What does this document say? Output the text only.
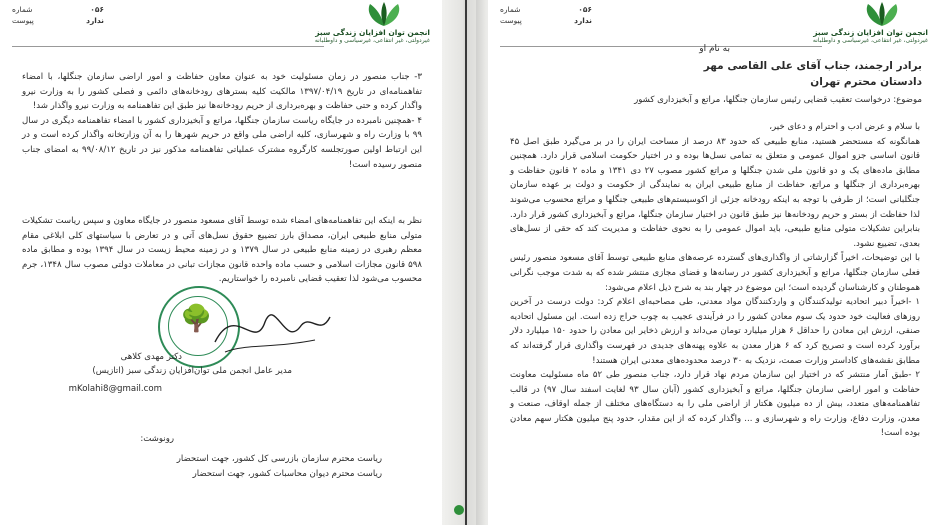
انجمن توان افزایان زندگی سبز
غیردولتی، غیر انتفاعی، غیرسیاسی و داوطلبانه
۰۵۶
شماره
ندارد
پیوست

۳- جناب منصور در زمان مسئولیت خود به عنوان معاون حفاظت و امور اراضی سازمان جنگلها، با امضاء تفاهمنامه‌ای در تاریخ ۱۳۹۷/۰۴/۱۹ مالکیت کلیه بسترهای رودخانه‌های دائمی و فصلی کشور را به وزارت نیرو واگذار کرده و حتی حفاظت و بهره‌برداری از حریم رودخانه‌ها نیز طبق این تفاهمنامه به وزارت نیرو واگذار شد!

۴ -همچنین نامبرده در جایگاه ریاست سازمان جنگلها، مراتع و آبخیزداری کشور با امضاء تفاهمنامه دیگری در سال ۹۹ با وزارت راه و شهرسازی، کلیه اراضی ملی واقع در حریم شهرها را به آن وزارتخانه واگذار کرده است و در این ارتباط اولین صورتجلسه کارگروه مشترک عملیاتی تفاهمنامه مذکور نیز در تاریخ ۹۹/۰۸/۱۲ به امضای جناب منصور رسیده است!

نظر به اینکه این تفاهمنامه‌های امضاء شده توسط آقای مسعود منصور در جایگاه معاون و سپس ریاست تشکیلات متولی منابع طبیعی ایران، مصداق بارز تضییع حقوق نسل‌های آتی و در تعارض با سیاستهای کلی ابلاغی مقام معظم رهبری در زمینه منابع طبیعی در سال ۱۳۷۹ و در زمینه محیط زیست در سال ۱۳۹۴ بوده و مطابق ماده ۵۹۸ قانون مجازات اسلامی و حسب ماده واحده قانون مجازات تبانی در معاملات دولتی مصوب سال ۱۳۴۸، جرم محسوب می‌شود لذا تعقیب قضایی نامبرده را خواستاریم.

🌳
دکتر مهدی کلاهی
مدیر عامل انجمن ملی توان‌افزایان زندگی سبز (اتازیس)
mKolahi8@gmail.com
رونوشت:
ریاست محترم سازمان بازرسی کل کشور، جهت استحضار
ریاست محترم دیوان محاسبات کشور، جهت استحضار
انجمن توان افزایان زندگی سبز
غیردولتی، غیر انتفاعی، غیرسیاسی و داوطلبانه
۰۵۶
شماره
ندارد
پیوست
به نام او
برادر ارجمند، جناب آقای علی القاصی مهر
دادستان محترم تهران
موضوع: درخواست تعقیب قضایی رئیس سازمان جنگلها، مراتع و آبخیزداری کشور

با سلام و عرض ادب و احترام و دعای خیر،

همانگونه که مستحضر هستید، منابع طبیعی که حدود ۸۳ درصد از مساحت ایران را در بر می‌گیرد طبق اصل ۴۵ قانون اساسی جزو اموال عمومی و متعلق به تمامی نسل‌ها بوده و در اختیار حکومت اسلامی قرار دارد. همچنین مطابق ماده‌های یک و دو قانون ملی شدن جنگلها و مراتع کشور مصوب ۲۷ دی ۱۳۴۱ و ماده ۲ قانون حفاظت و بهره‌برداری از جنگلها و مراتع، حفاظت از منابع طبیعی ایران به نمایندگی از حکومت و دولت بر عهده سازمان جنگلبانی است؛ از طرفی با توجه به اینکه رودخانه جزئی از اکوسیستم‌های طبیعی جنگلها و مراتع محسوب می‌شوند لذا حفاظت از بستر و حریم رودخانه‌ها نیز طبق قانون در اختیار سازمان جنگلها، مراتع و آبخیزداری کشور قرار دارد. بنابراین تشکیلات متولی منابع طبیعی، باید اموال عمومی را به نحوی حفاظت و مدیریت کند که حقی از نسل‌های بعدی، تضییع نشود.

با این توضیحات، اخیراً گزارشاتی از واگذاری‌های گسترده عرصه‌های منابع طبیعی توسط آقای مسعود منصور رئیس فعلی سازمان جنگلها، مراتع و آبخیزداری کشور در رسانه‌ها و فضای مجازی منتشر شده که به شدت موجب نگرانی هموطنان و کارشناسان گردیده است؛ این موضوع در چهار بند به شرح ذیل اعلام می‌شود:

۱ -اخیراً دبیر اتحادیه تولیدکنندگان و واردکنندگان مواد معدنی، طی مصاحبه‌ای اعلام کرد: دولت درست در آخرین روزهای فعالیت خود حدود یک سوم معادن کشور را در فرآیندی عجیب به چوب حراج زده است. این مسئول اتحادیه صنفی، ارزش این معادن را حداقل ۶ هزار میلیارد تومان می‌داند و ارزش ذخایر این معادن را حدود ۱۵۰ میلیارد دلار برآورد کرده است و تصریح کرد که ۶ هزار معدن به علاوه پهنه‌های جدیدی در فهرست واگذاری قرار گرفته‌اند که مطابق نقشه‌های کاداستر وزارت صمت، نزدیک به ۳۰ درصد محدوده‌های معدنی ایران هستند!

۲ -طبق آمار منتشر که در اختیار این سازمان مردم نهاد قرار دارد، جناب منصور طی ۵۲ ماه مسئولیت معاونت حفاظت و امور اراضی سازمان جنگلها، مراتع و آبخیزداری کشور (آبان سال ۹۳ لغایت اسفند سال ۹۷) در قالب تفاهمنامه‌های متعدد، بیش از ده میلیون هکتار از اراضی ملی را به دستگاه‌های مختلف از جمله اوقاف، صنعت و معدن، وزارت دفاع، وزارت راه و شهرسازی و ... واگذار کرده که از این مقدار، حدود پنج میلیون هکتار سهم معادن بوده است!
